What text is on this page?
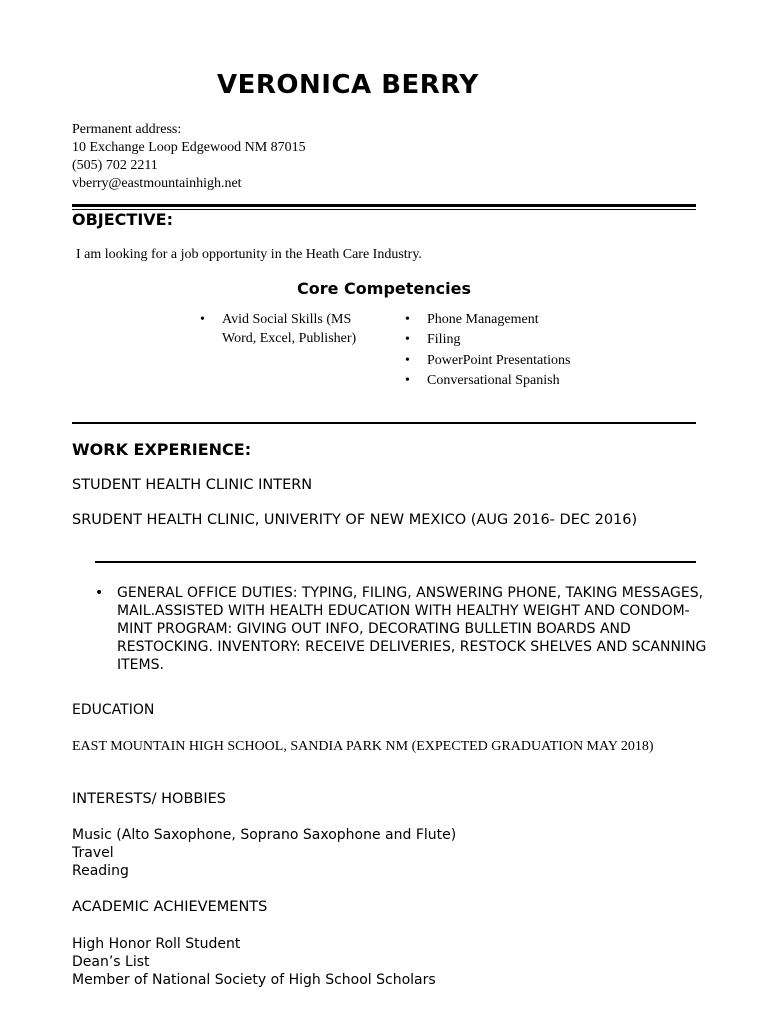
VERONICA BERRY
Permanent address:
10 Exchange Loop Edgewood NM 87015
(505) 702 2211
vberry@eastmountainhigh.net
OBJECTIVE:
I am looking for a job opportunity in the Heath Care Industry.
Core Competencies
• Avid Social Skills (MS Word, Excel, Publisher)
• Phone Management
• Filing
• PowerPoint Presentations
• Conversational Spanish
WORK EXPERIENCE:
STUDENT HEALTH CLINIC INTERN
SRUDENT HEALTH CLINIC, UNIVERITY OF NEW MEXICO (AUG 2016- DEC 2016)
• GENERAL OFFICE DUTIES: TYPING, FILING, ANSWERING PHONE, TAKING MESSAGES, MAIL.ASSISTED WITH HEALTH EDUCATION WITH HEALTHY WEIGHT AND CONDOM-MINT PROGRAM: GIVING OUT INFO, DECORATING BULLETIN BOARDS AND RESTOCKING. INVENTORY: RECEIVE DELIVERIES, RESTOCK SHELVES AND SCANNING ITEMS.
EDUCATION
EAST MOUNTAIN HIGH SCHOOL, SANDIA PARK NM (EXPECTED GRADUATION MAY 2018)
INTERESTS/ HOBBIES
Music (Alto Saxophone, Soprano Saxophone and Flute)
Travel
Reading
ACADEMIC ACHIEVEMENTS
High Honor Roll Student
Dean’s List
Member of National Society of High School Scholars
